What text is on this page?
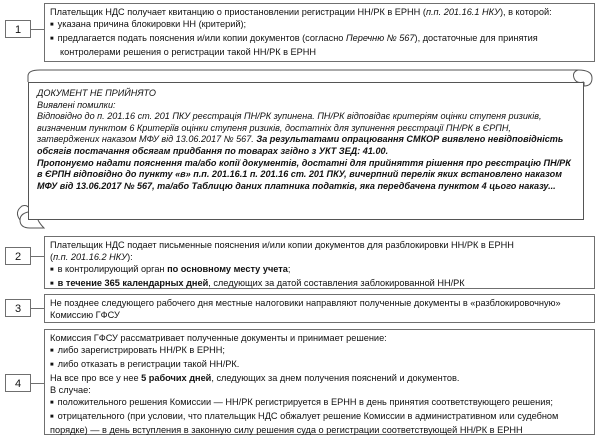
1

Плательщик НДС получает квитанцию о приостановлении регистрации НН/РК в ЕРНН (п.п. 201.16.1 НКУ), в которой:

■ указана причина блокировки НН (критерий);

■ предлагается подать пояснения и/или копии документов (согласно Перечню № 567), достаточные для принятия

контролерами решения о регистрации такой НН/РК в ЕРНН

ДОКУМЕНТ НЕ ПРИЙНЯТО

Виявлені помилки:

Відповідно до п. 201.16 ст. 201 ПКУ реєстрація ПН/РК зупинена. ПН/РК відповідає критеріям оцінки ступеня ризиків,

визначеним пунктом 6 Критеріїв оцінки ступеня ризиків, достатніх для зупинення реєстрації ПН/РК в ЄРПН,

затверджених наказом МФУ від 13.06.2017 № 567. За результатами опрацювання СМКОР виявлено невідповідність

обсягів постачання обсягам придбання по товарах згідно з УКТ ЗЕД: 41.00.

Пропонуємо надати пояснення та/або копії документів, достатні для прийняття рішення про реєстрацію ПН/РК

в ЄРПН відповідно до пункту «в» п.п. 201.16.1 п. 201.16 ст. 201 ПКУ, вичерпний перелік яких встановлено наказом

МФУ від 13.06.2017 № 567, та/або Таблицю даних платника податків, яка передбачена пунктом 4 цього наказу...

2

Плательщик НДС подает письменные пояснения и/или копии документов для разблокировки НН/РК в ЕРНН

(п.п. 201.16.2 НКУ):

■ в контролирующий орган по основному месту учета;

■ в течение 365 календарных дней, следующих за датой составления заблокированной НН/РК

3	Не позднее следующего рабочего дня местные налоговики направляют полученные документы в «разблокировочную»

Комиссию ГФСУ

4

Комиссия ГФСУ рассматривает полученные документы и принимает решение:

■ либо зарегистрировать НН/РК в ЕРНН;

■ либо отказать в регистрации такой НН/РК.

На все про все у нее 5 рабочих дней, следующих за днем получения пояснений и документов.

В случае:

■ положительного решения Комиссии — НН/РК регистрируется в ЕРНН в день принятия соответствующего решения;

■ отрицательного (при условии, что плательщик НДС обжалует решение Комиссии в административном или судебном

порядке) — в день вступления в законную силу решения суда о регистрации соответствующей НН/РК в ЕРНН
